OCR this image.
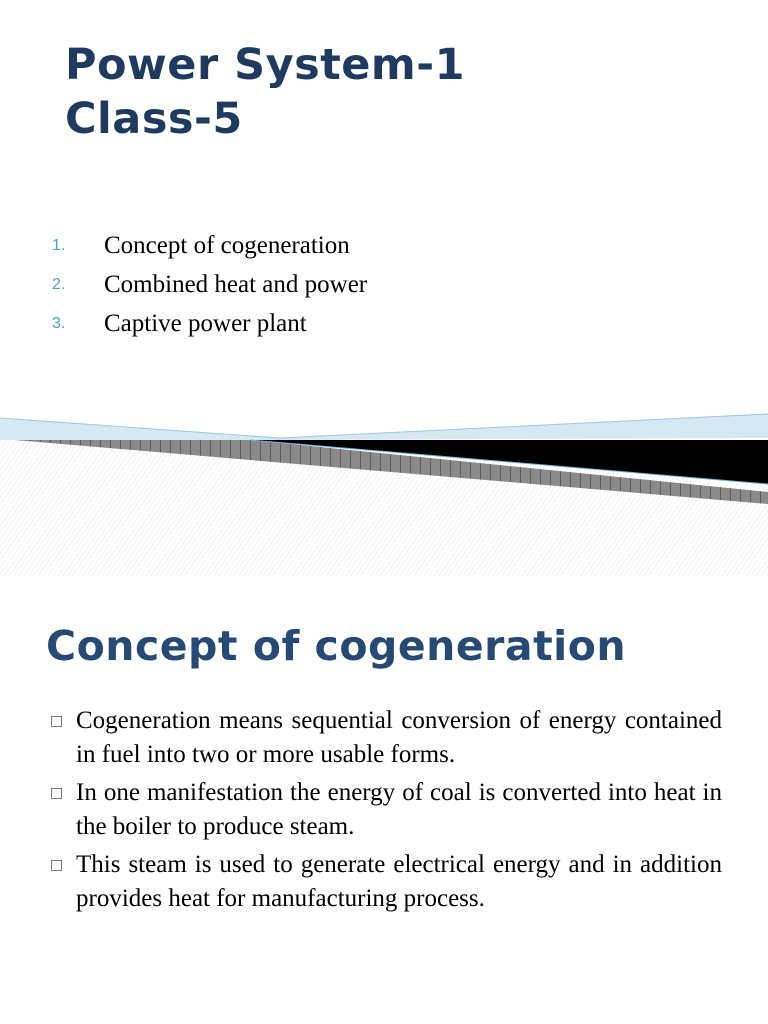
Power System-1
Class-5
1.	Concept of cogeneration
2.	Combined heat and power
3.	Captive power plant
Concept of cogeneration
□ Cogeneration means sequential conversion of energy contained in fuel into two or more usable forms.
□ In one manifestation the energy of coal is converted into heat in the boiler to produce steam.
□ This steam is used to generate electrical energy and in addition provides heat for manufacturing process.
